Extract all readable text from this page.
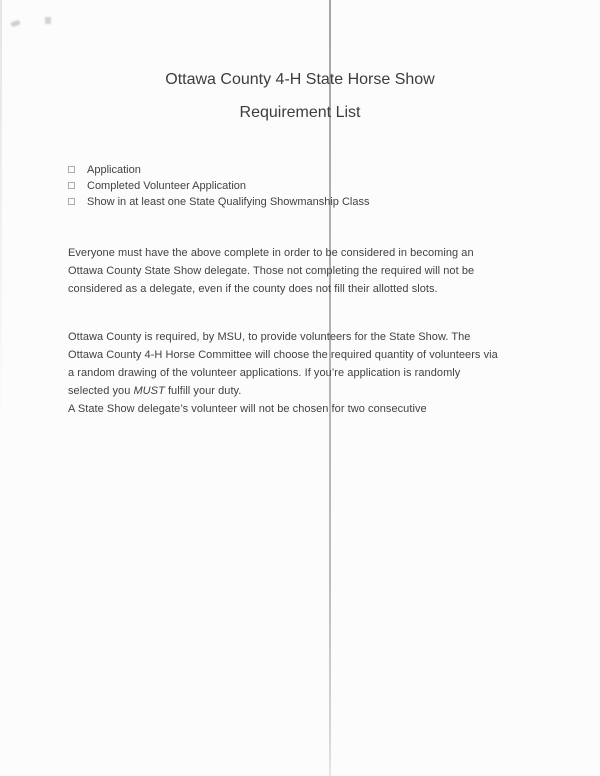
Ottawa County 4-H State Horse Show
Requirement List
Application
Completed Volunteer Application
Show in at least one State Qualifying Showmanship Class
Everyone must have the above complete in order to be considered in becoming an
Ottawa County State Show delegate. Those not completing the required will not be
considered as a delegate, even if the county does not fill their allotted slots.
Ottawa County is required, by MSU, to provide volunteers for the State Show. The
Ottawa County 4-H Horse Committee will choose the required quantity of volunteers via
a random drawing of the volunteer applications. If you’re application is randomly
selected you MUST fulfill your duty.
A State Show delegate’s volunteer will not be chosen for two consecutive
